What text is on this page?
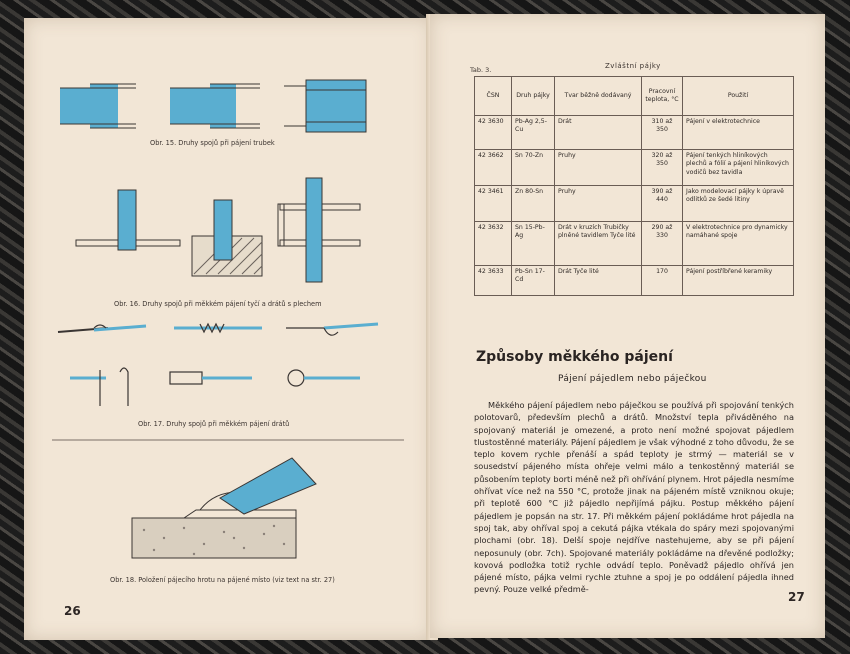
Obr. 15. Druhy spojů při pájení trubek
Obr. 16. Druhy spojů při měkkém pájení tyčí a drátů s plechem
Obr. 17. Druhy spojů při měkkém pájení drátů
Obr. 18. Položení pájecího hrotu na pájené místo (viz text na str. 27)
26
Tab. 3.	Zvláštní pájky
ČSN	Druh pájky	Tvar běžně dodávaný	Pracovní teplota, °C	Použití
42 3630	Pb-Ag 2,5-Cu	Drát	310 až 350	Pájení v elektrotechnice
42 3662	Sn 70-Zn	Pruhy	320 až 350	Pájení tenkých hliníkových plechů a fólií a pájení hliníkových vodičů bez tavidla
42 3461	Zn 80-Sn	Pruhy	390 až 440	Jako modelovací pájky k úpravě odlitků ze šedé litiny
42 3632	Sn 15-Pb-Ag	Drát v kruzích Trubičky plněné tavidlem Tyče lité	290 až 330	V elektrotechnice pro dynamicky namáhané spoje
42 3633	Pb-Sn 17-Cd	Drát Tyče lité	170	Pájení postříbřené keramiky
Způsoby měkkého pájení
Pájení pájedlem nebo páječkou

Měkkého pájení pájedlem nebo páječkou se používá při spojování tenkých polotovarů, především plechů a drátů. Množství tepla přiváděného na spojovaný materiál je omezené, a proto není možné spojovat pájedlem tlustostěnné materiály. Pájení pájedlem je však výhodné z toho důvodu, že se teplo kovem rychle přenáší a spád teploty je strmý — materiál se v sousedství pájeného místa ohřeje velmi málo a tenkostěnný materiál se působením teploty borti méně než při ohřívání plynem. Hrot pájedla nesmíme ohřívat více než na 550 °C, protože jinak na pájeném místě vzniknou okuje; při teplotě 600 °C již pájedlo nepřijímá pájku. Postup měkkého pájení pájedlem je popsán na str. 17. Při měkkém pájení pokládáme hrot pájedla na spoj tak, aby ohříval spoj a cekutá pájka vtékala do spáry mezi spojovanými plochami (obr. 18). Delší spoje nejdříve nastehujeme, aby se při pájení neposunuly (obr. 7ch). Spojované materiály pokládáme na dřevěné podložky; kovová podložka totiž rychle odvádí teplo. Poněvadž pájedlo ohřívá jen pájené místo, pájka velmi rychle ztuhne a spoj je po oddálení pájedla ihned pevný. Pouze velké předmě-

27
